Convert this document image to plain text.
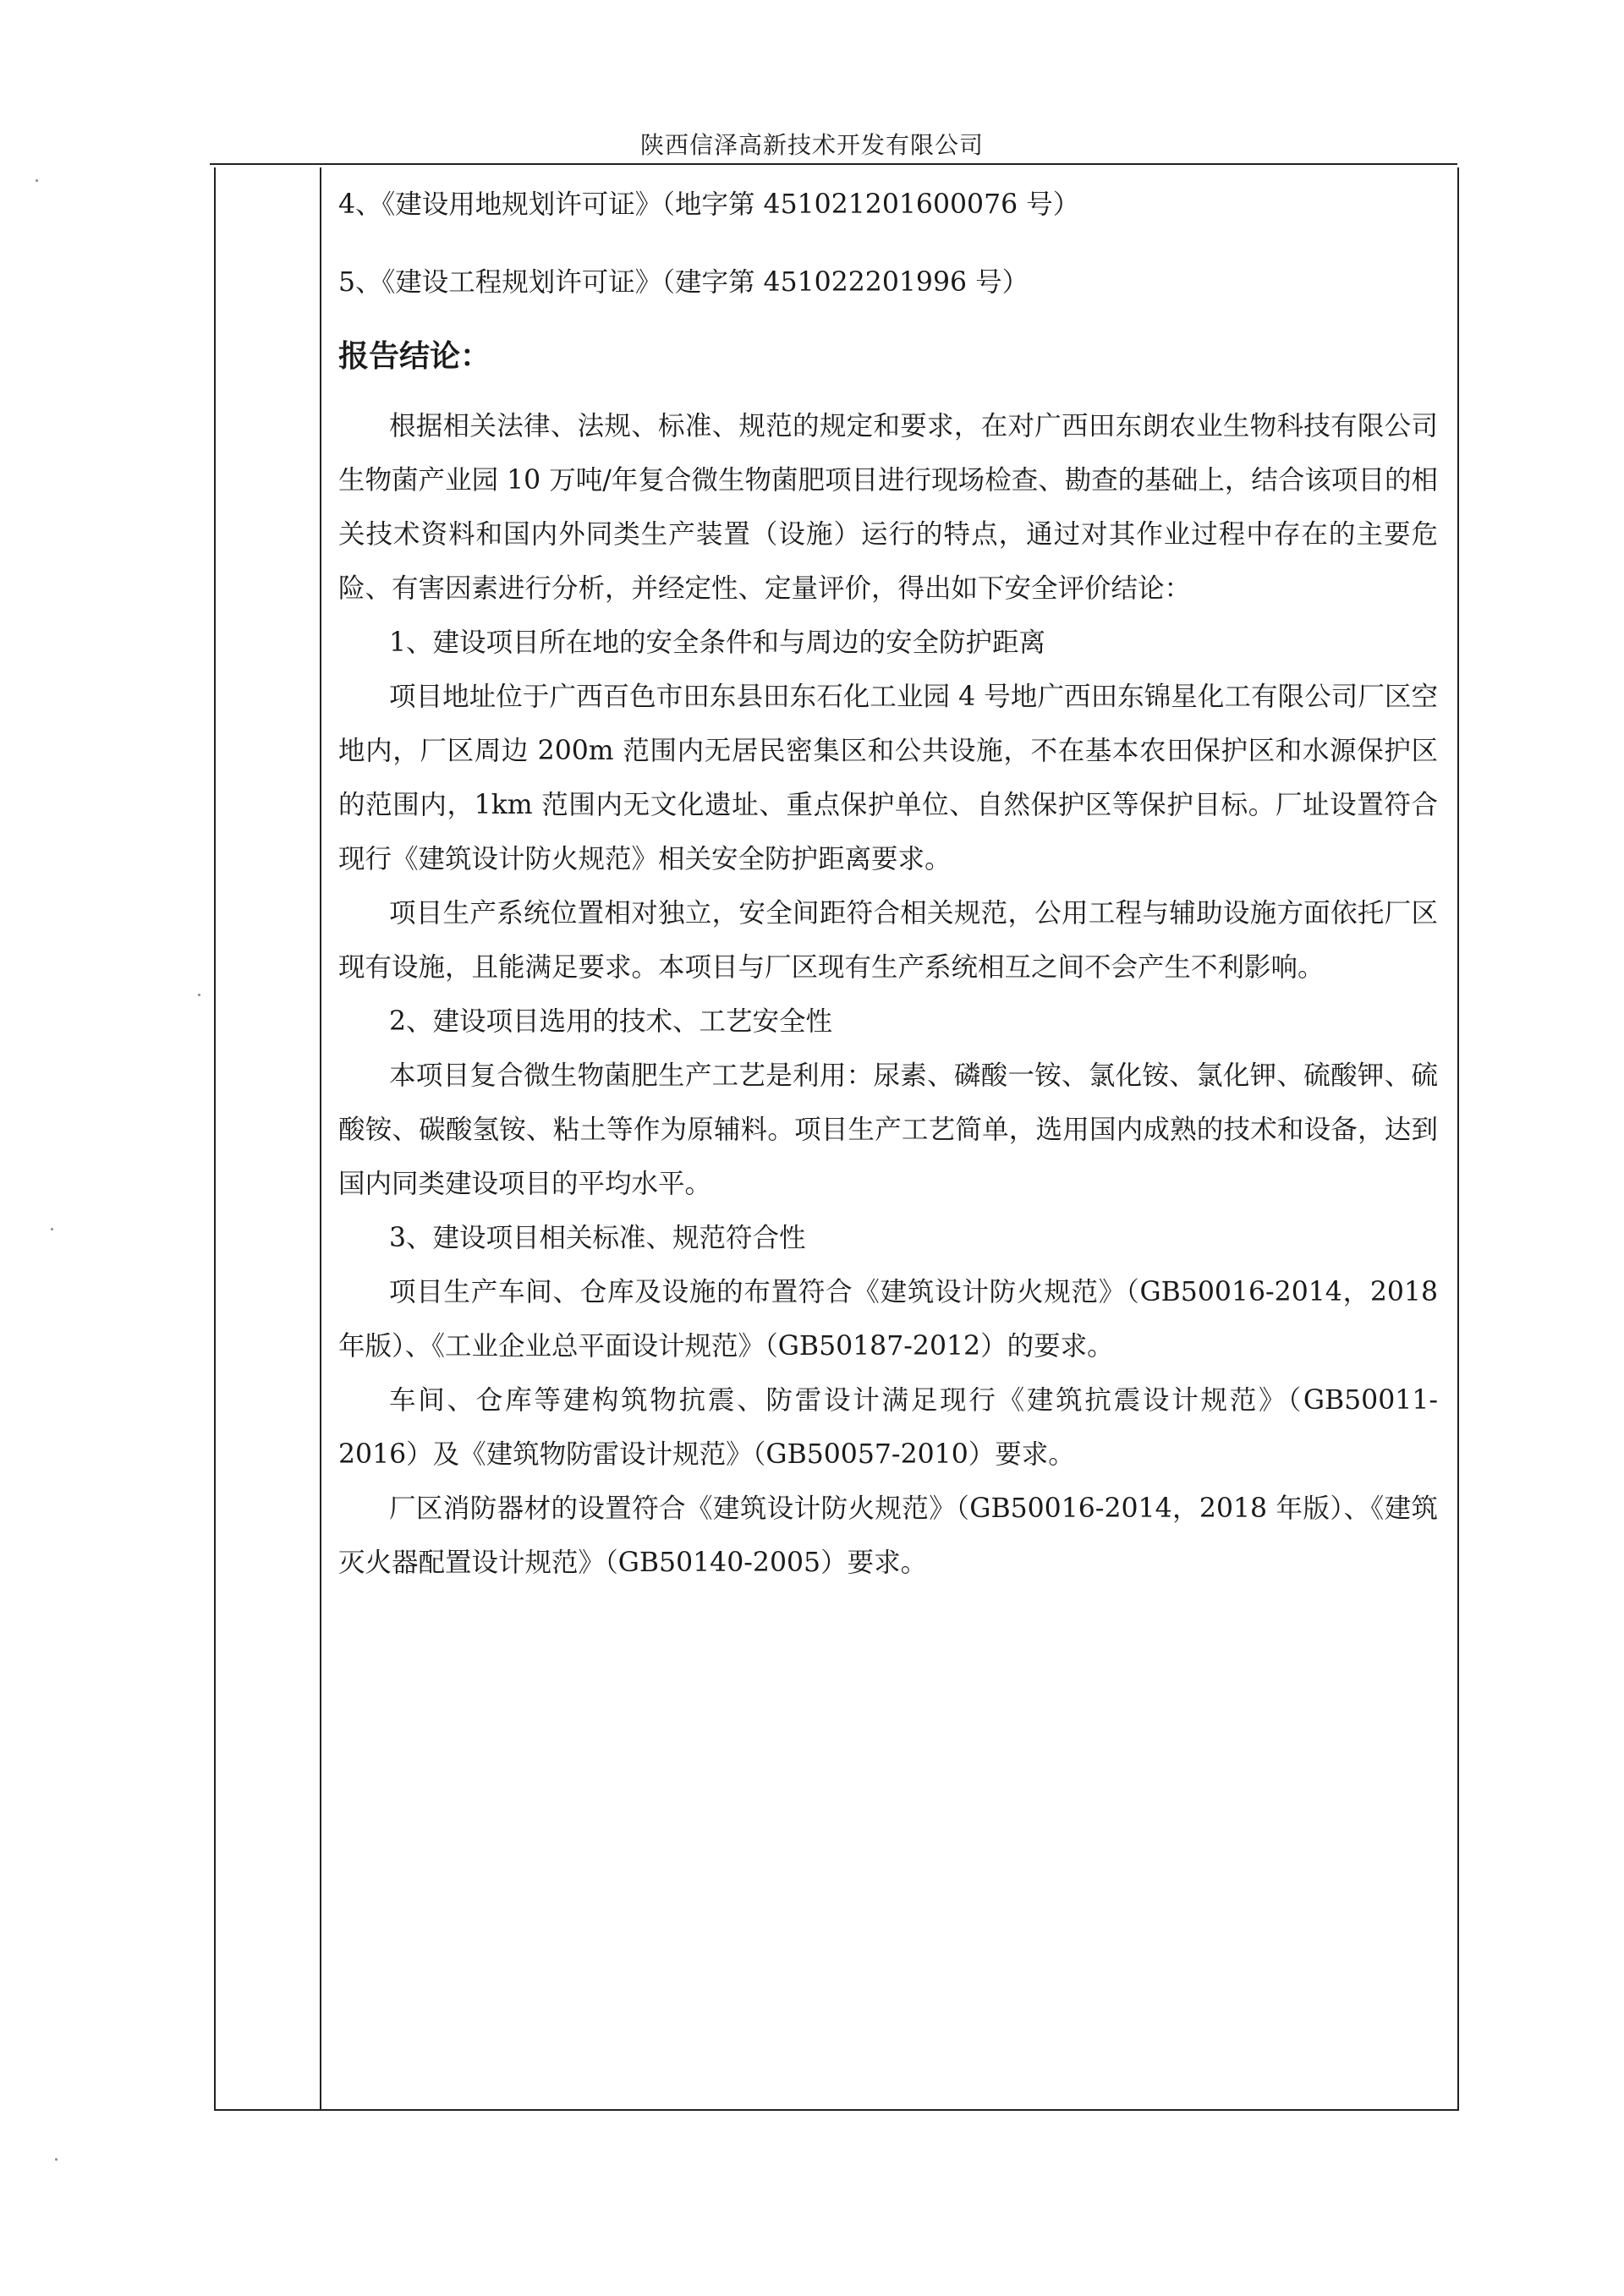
陕西信泽高新技术开发有限公司

4、《建设用地规划许可证》（地字第 451021201600076 号）

5、《建设工程规划许可证》（建字第 451022201996 号）

报告结论：

根据相关法律、法规、标准、规范的规定和要求，在对广西田东朗农业生物科技有限公司生物菌产业园 10 万吨/年复合微生物菌肥项目进行现场检查、勘查的基础上，结合该项目的相关技术资料和国内外同类生产装置（设施）运行的特点，通过对其作业过程中存在的主要危险、有害因素进行分析，并经定性、定量评价，得出如下安全评价结论：

1、建设项目所在地的安全条件和与周边的安全防护距离

项目地址位于广西百色市田东县田东石化工业园 4 号地广西田东锦星化工有限公司厂区空地内，厂区周边 200m 范围内无居民密集区和公共设施，不在基本农田保护区和水源保护区的范围内，1km 范围内无文化遗址、重点保护单位、自然保护区等保护目标。厂址设置符合现行《建筑设计防火规范》相关安全防护距离要求。

项目生产系统位置相对独立，安全间距符合相关规范，公用工程与辅助设施方面依托厂区现有设施，且能满足要求。本项目与厂区现有生产系统相互之间不会产生不利影响。

2、建设项目选用的技术、工艺安全性

本项目复合微生物菌肥生产工艺是利用：尿素、磷酸一铵、氯化铵、氯化钾、硫酸钾、硫酸铵、碳酸氢铵、粘土等作为原辅料。项目生产工艺简单，选用国内成熟的技术和设备，达到国内同类建设项目的平均水平。

3、建设项目相关标准、规范符合性

项目生产车间、仓库及设施的布置符合《建筑设计防火规范》（GB50016-2014，2018 年版）、《工业企业总平面设计规范》（GB50187-2012）的要求。

车间、仓库等建构筑物抗震、防雷设计满足现行《建筑抗震设计规范》（GB50011-2016）及《建筑物防雷设计规范》（GB50057-2010）要求。

厂区消防器材的设置符合《建筑设计防火规范》（GB50016-2014，2018 年版）、《建筑灭火器配置设计规范》（GB50140-2005）要求。
